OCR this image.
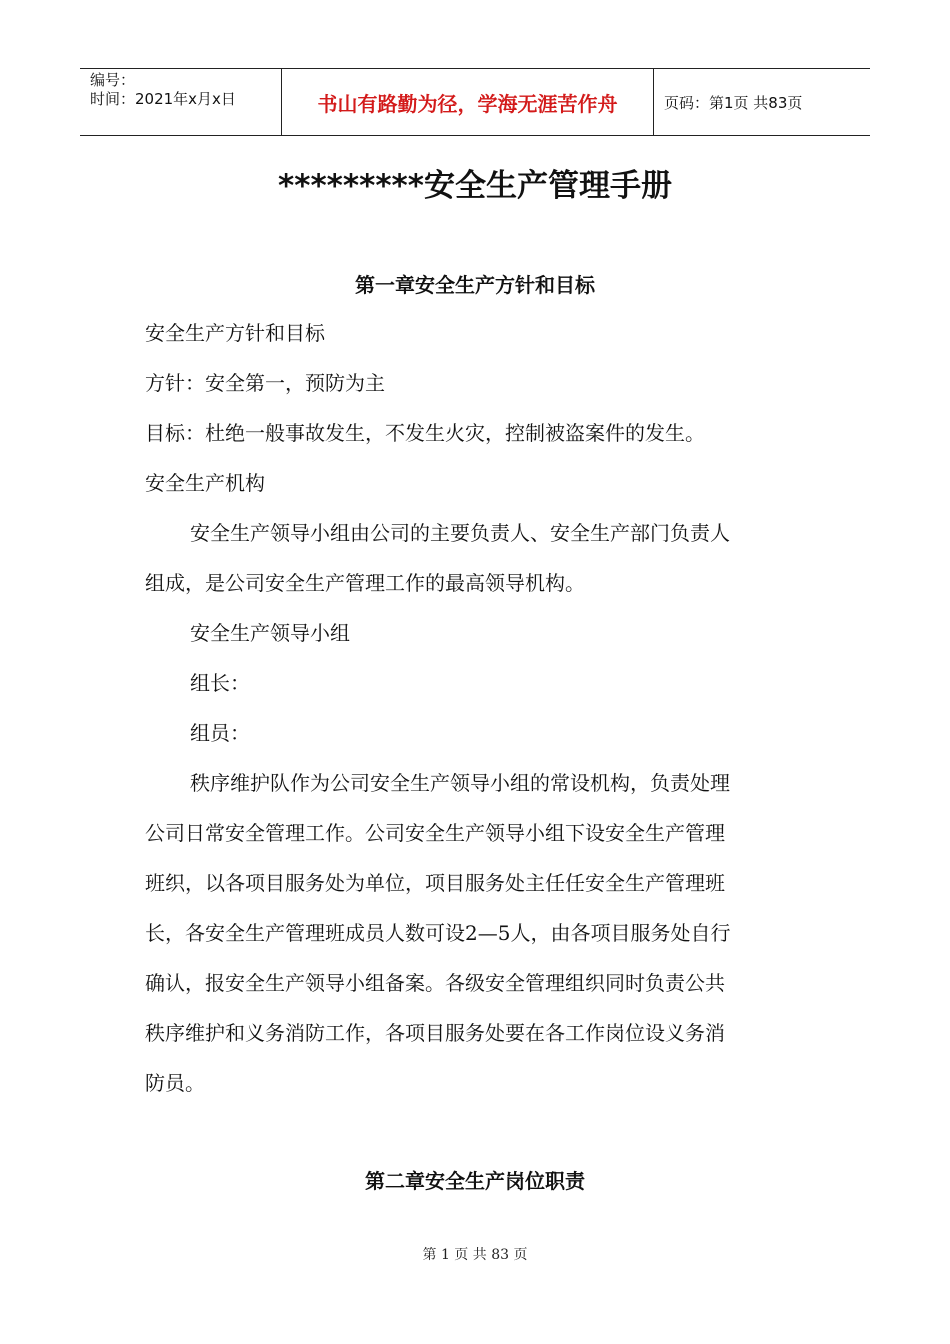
编号：
时间：2021年x月x日	书山有路勤为径，学海无涯苦作舟	页码：第1页 共83页
*********安全生产管理手册
第一章安全生产方针和目标
安全生产方针和目标
方针：安全第一，预防为主
目标：杜绝一般事故发生，不发生火灾，控制被盗案件的发生。
安全生产机构
安全生产领导小组由公司的主要负责人、安全生产部门负责人
组成，是公司安全生产管理工作的最高领导机构。
安全生产领导小组
组长：
组员：
秩序维护队作为公司安全生产领导小组的常设机构，负责处理
公司日常安全管理工作。公司安全生产领导小组下设安全生产管理
班织，以各项目服务处为单位，项目服务处主任任安全生产管理班
长，各安全生产管理班成员人数可设2—5人，由各项目服务处自行
确认，报安全生产领导小组备案。各级安全管理组织同时负责公共
秩序维护和义务消防工作，各项目服务处要在各工作岗位设义务消
防员。
第二章安全生产岗位职责
第 1 页 共 83 页
